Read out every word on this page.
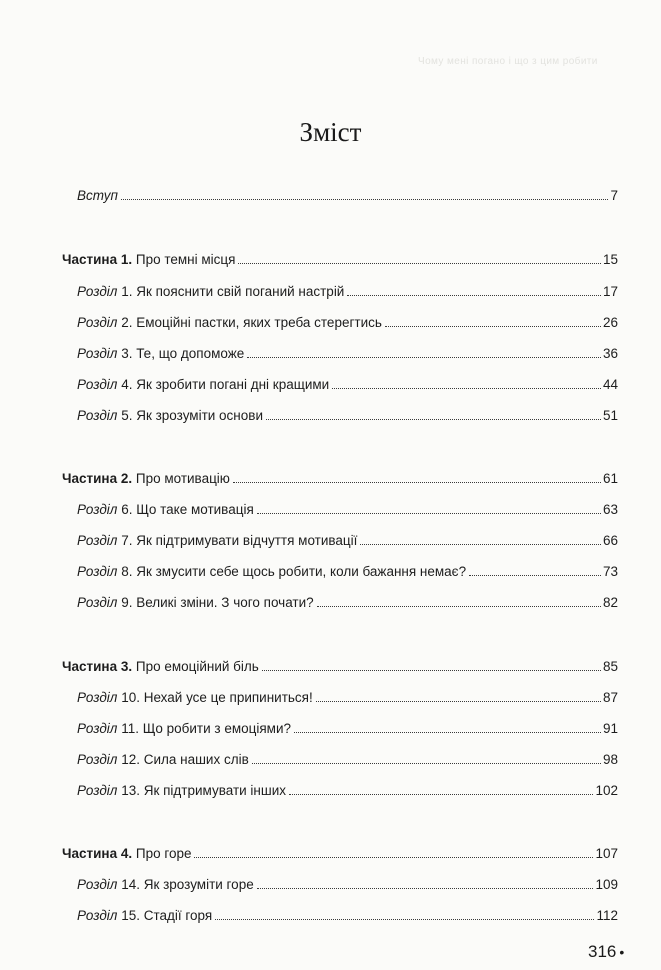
Чому мені погано і що з цим робити
Зміст
Вступ	7
Частина 1. Про темні місця	15
Розділ 1. Як пояснити свій поганий настрій	17
Розділ 2. Емоційні пастки, яких треба стерегтись	26
Розділ 3. Те, що допоможе	36
Розділ 4. Як зробити погані дні кращими	44
Розділ 5. Як зрозуміти основи	51
Частина 2. Про мотивацію	61
Розділ 6. Що таке мотивація	63
Розділ 7. Як підтримувати відчуття мотивації	66
Розділ 8. Як змусити себе щось робити, коли бажання немає?	73
Розділ 9. Великі зміни. З чого почати?	82
Частина 3. Про емоційний біль	85
Розділ 10. Нехай усе це припиниться!	87
Розділ 11. Що робити з емоціями?	91
Розділ 12. Сила наших слів	98
Розділ 13. Як підтримувати інших	102
Частина 4. Про горе	107
Розділ 14. Як зрозуміти горе	109
Розділ 15. Стадії горя	112
316 •
